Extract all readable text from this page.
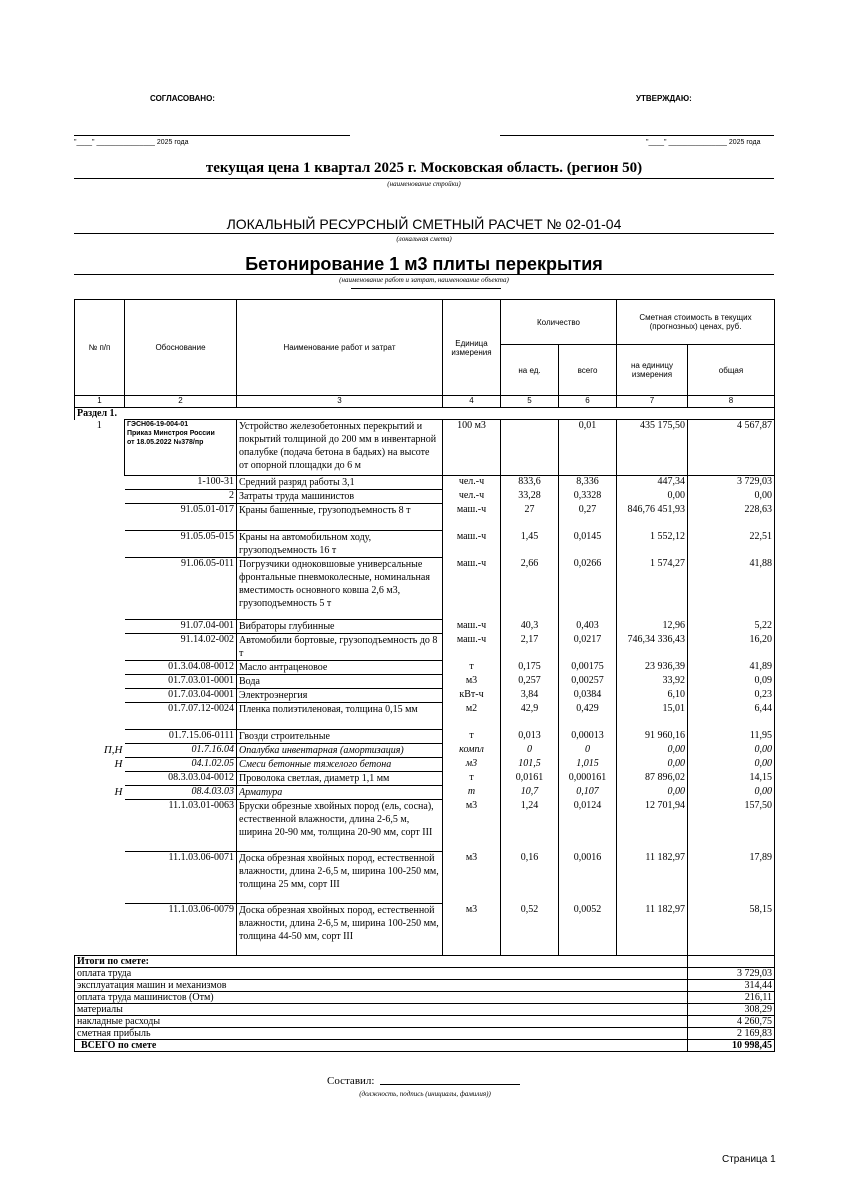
СОГЛАСОВАНО:	УТВЕРЖДАЮ:
"____" _______________ 2025 года	"____" _______________ 2025 года
текущая цена 1 квартал 2025 г. Московская область. (регион 50)
(наименование стройки)
ЛОКАЛЬНЫЙ РЕСУРСНЫЙ СМЕТНЫЙ РАСЧЕТ № 02-01-04
(локальная смета)
Бетонирование 1 м3 плиты перекрытия
(наименование работ и затрат, наименование объекта)
№ п/п	Обоснование	Наименование работ и затрат	Единица измерения	Количество		Сметная стоимость в текущих (прогнозных) ценах, руб.	
				на ед.	всего	на единицу измерения	общая
1	2	3	4	5	6	7	8
Раздел 1.							
1	ГЭСН06-19-004-01
Приказ Минстроя России
от 18.05.2022 №378/пр	Устройство железобетонных перекрытий и покрытий толщиной до 200 мм в инвентарной опалубке (подача бетона в бадьях) на высоте от опорной площадки до 6 м	100 м3		0,01	435 175,50	4 567,87
	1-100-31	Средний разряд работы 3,1	чел.-ч	833,6	8,336	447,34	3 729,03
	2	Затраты труда машинистов	чел.-ч	33,28	0,3328	0,00	0,00
	91.05.01-017	Краны башенные, грузоподъемность 8 т	маш.-ч	27	0,27	846,76 451,93	228,63
	91.05.05-015	Краны на автомобильном ходу, грузоподъемность 16 т	маш.-ч	1,45	0,0145	1 552,12	22,51
	91.06.05-011	Погрузчики одноковшовые универсальные фронтальные пневмоколесные, номинальная вместимость основного ковша 2,6 м3, грузоподъемность 5 т	маш.-ч	2,66	0,0266	1 574,27	41,88
	91.07.04-001	Вибраторы глубинные	маш.-ч	40,3	0,403	12,96	5,22
	91.14.02-002	Автомобили бортовые, грузоподъемность до 8 т	маш.-ч	2,17	0,0217	746,34 336,43	16,20
	01.3.04.08-0012	Масло антраценовое	т	0,175	0,00175	23 936,39	41,89
	01.7.03.01-0001	Вода	м3	0,257	0,00257	33,92	0,09
	01.7.03.04-0001	Электроэнергия	кВт-ч	3,84	0,0384	6,10	0,23
	01.7.07.12-0024	Пленка полиэтиленовая, толщина 0,15 мм	м2	42,9	0,429	15,01	6,44
	01.7.15.06-0111	Гвозди строительные	т	0,013	0,00013	91 960,16	11,95
П,Н	01.7.16.04	Опалубка инвентарная (амортизация)	компл	0	0	0,00	0,00
Н	04.1.02.05	Смеси бетонные тяжелого бетона	м3	101,5	1,015	0,00	0,00
	08.3.03.04-0012	Проволока светлая, диаметр 1,1 мм	т	0,0161	0,000161	87 896,02	14,15
Н	08.4.03.03	Арматура	т	10,7	0,107	0,00	0,00
	11.1.03.01-0063	Бруски обрезные хвойных пород (ель, сосна), естественной влажности, длина 2-6,5 м, ширина 20-90 мм, толщина 20-90 мм, сорт III	м3	1,24	0,0124	12 701,94	157,50
	11.1.03.06-0071	Доска обрезная хвойных пород, естественной влажности, длина 2-6,5 м, ширина 100-250 мм, толщина 25 мм, сорт III	м3	0,16	0,0016	11 182,97	17,89
	11.1.03.06-0079	Доска обрезная хвойных пород, естественной влажности, длина 2-6,5 м, ширина 100-250 мм, толщина 44-50 мм, сорт III	м3	0,52	0,0052	11 182,97	58,15
Итоги по смете:							
оплата труда							3 729,03
эксплуатация машин и механизмов							314,44
оплата труда машинистов (Отм)							216,11
материалы							308,29
накладные расходы							4 260,75
сметная прибыль							2 169,83
ВСЕГО по смете							10 998,45
Составил:
(должность, подпись (инициалы, фамилия))
Страница 1
